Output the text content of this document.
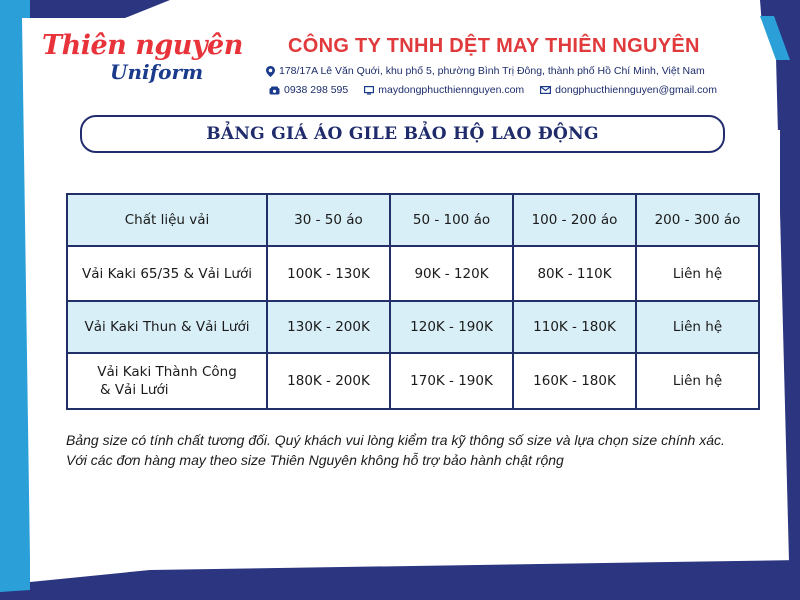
Thiên nguyên
Uniform
CÔNG TY TNHH DỆT MAY THIÊN NGUYÊN
178/17A Lê Văn Quới, khu phố 5, phường Bình Trị Đông, thành phố Hồ Chí Minh, Việt Nam
0938 298 595	maydongphucthiennguyen.com	dongphucthiennguyen@gmail.com
BẢNG GIÁ ÁO GILE BẢO HỘ LAO ĐỘNG
Chất liệu vải	30 - 50 áo	50 - 100 áo	100 - 200 áo	200 - 300 áo
Vải Kaki 65/35 & Vải Lưới	100K - 130K	90K - 120K	80K - 110K	Liên hệ
Vải Kaki Thun & Vải Lưới	130K - 200K	120K - 190K	110K - 180K	Liên hệ

Vải Kaki Thành Công
& Vải Lưới	180K - 200K	170K - 190K	160K - 180K	Liên hệ
Bảng size có tính chất tương đối. Quý khách vui lòng kiểm tra kỹ thông số size và lựa chọn size chính xác.
Với các đơn hàng may theo size Thiên Nguyên không hỗ trợ bảo hành chật rộng
